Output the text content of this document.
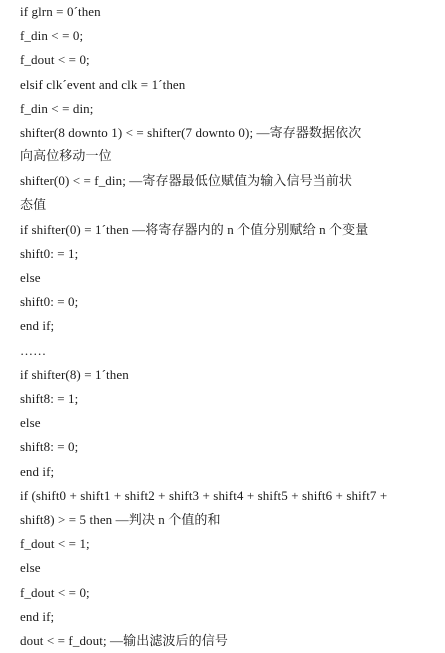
if glrn = 0´then
f_din < = 0;
f_dout < = 0;
elsif clk´event and clk = 1´then
f_din < = din;
shifter(8 downto 1) < = shifter(7 downto 0); —寄存器数据依次
向高位移动一位
shifter(0) < = f_din; —寄存器最低位赋值为输入信号当前状
态值
if shifter(0) = 1´then —将寄存器内的 n 个值分别赋给 n 个变量
shift0: = 1;
else
shift0: = 0;
end if;
……
if shifter(8) = 1´then
shift8: = 1;
else
shift8: = 0;
end if;
if (shift0 + shift1 + shift2 + shift3 + shift4 + shift5 + shift6 + shift7 +
shift8) > = 5 then —判决 n 个值的和
f_dout < = 1;
else
f_dout < = 0;
end if;
dout < = f_dout; —输出滤波后的信号
